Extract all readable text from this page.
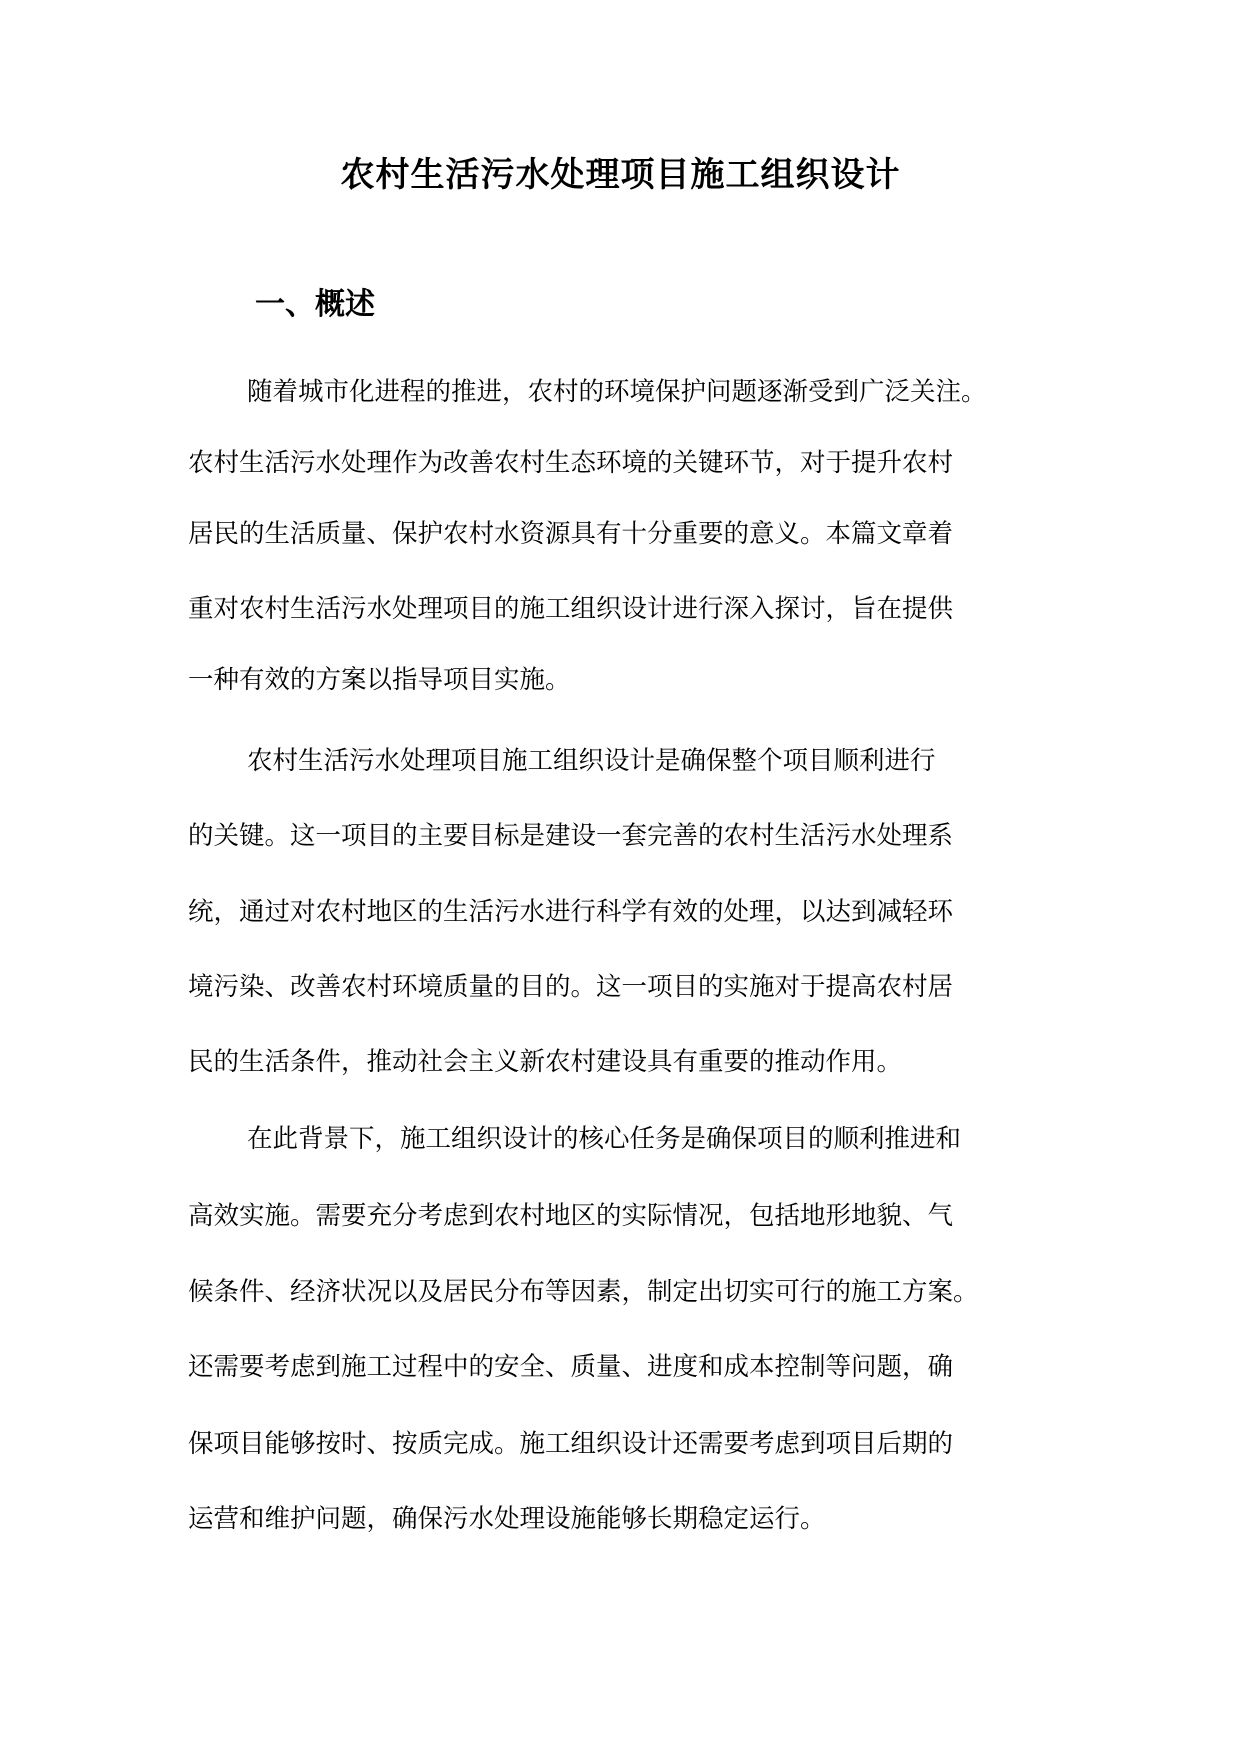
农村生活污水处理项目施工组织设计
一、概述
随着城市化进程的推进，农村的环境保护问题逐渐受到广泛关注。
农村生活污水处理作为改善农村生态环境的关键环节，对于提升农村
居民的生活质量、保护农村水资源具有十分重要的意义。本篇文章着
重对农村生活污水处理项目的施工组织设计进行深入探讨，旨在提供
一种有效的方案以指导项目实施。
农村生活污水处理项目施工组织设计是确保整个项目顺利进行
的关键。这一项目的主要目标是建设一套完善的农村生活污水处理系
统，通过对农村地区的生活污水进行科学有效的处理，以达到减轻环
境污染、改善农村环境质量的目的。这一项目的实施对于提高农村居
民的生活条件，推动社会主义新农村建设具有重要的推动作用。
在此背景下，施工组织设计的核心任务是确保项目的顺利推进和
高效实施。需要充分考虑到农村地区的实际情况，包括地形地貌、气
候条件、经济状况以及居民分布等因素，制定出切实可行的施工方案。
还需要考虑到施工过程中的安全、质量、进度和成本控制等问题，确
保项目能够按时、按质完成。施工组织设计还需要考虑到项目后期的
运营和维护问题，确保污水处理设施能够长期稳定运行。
